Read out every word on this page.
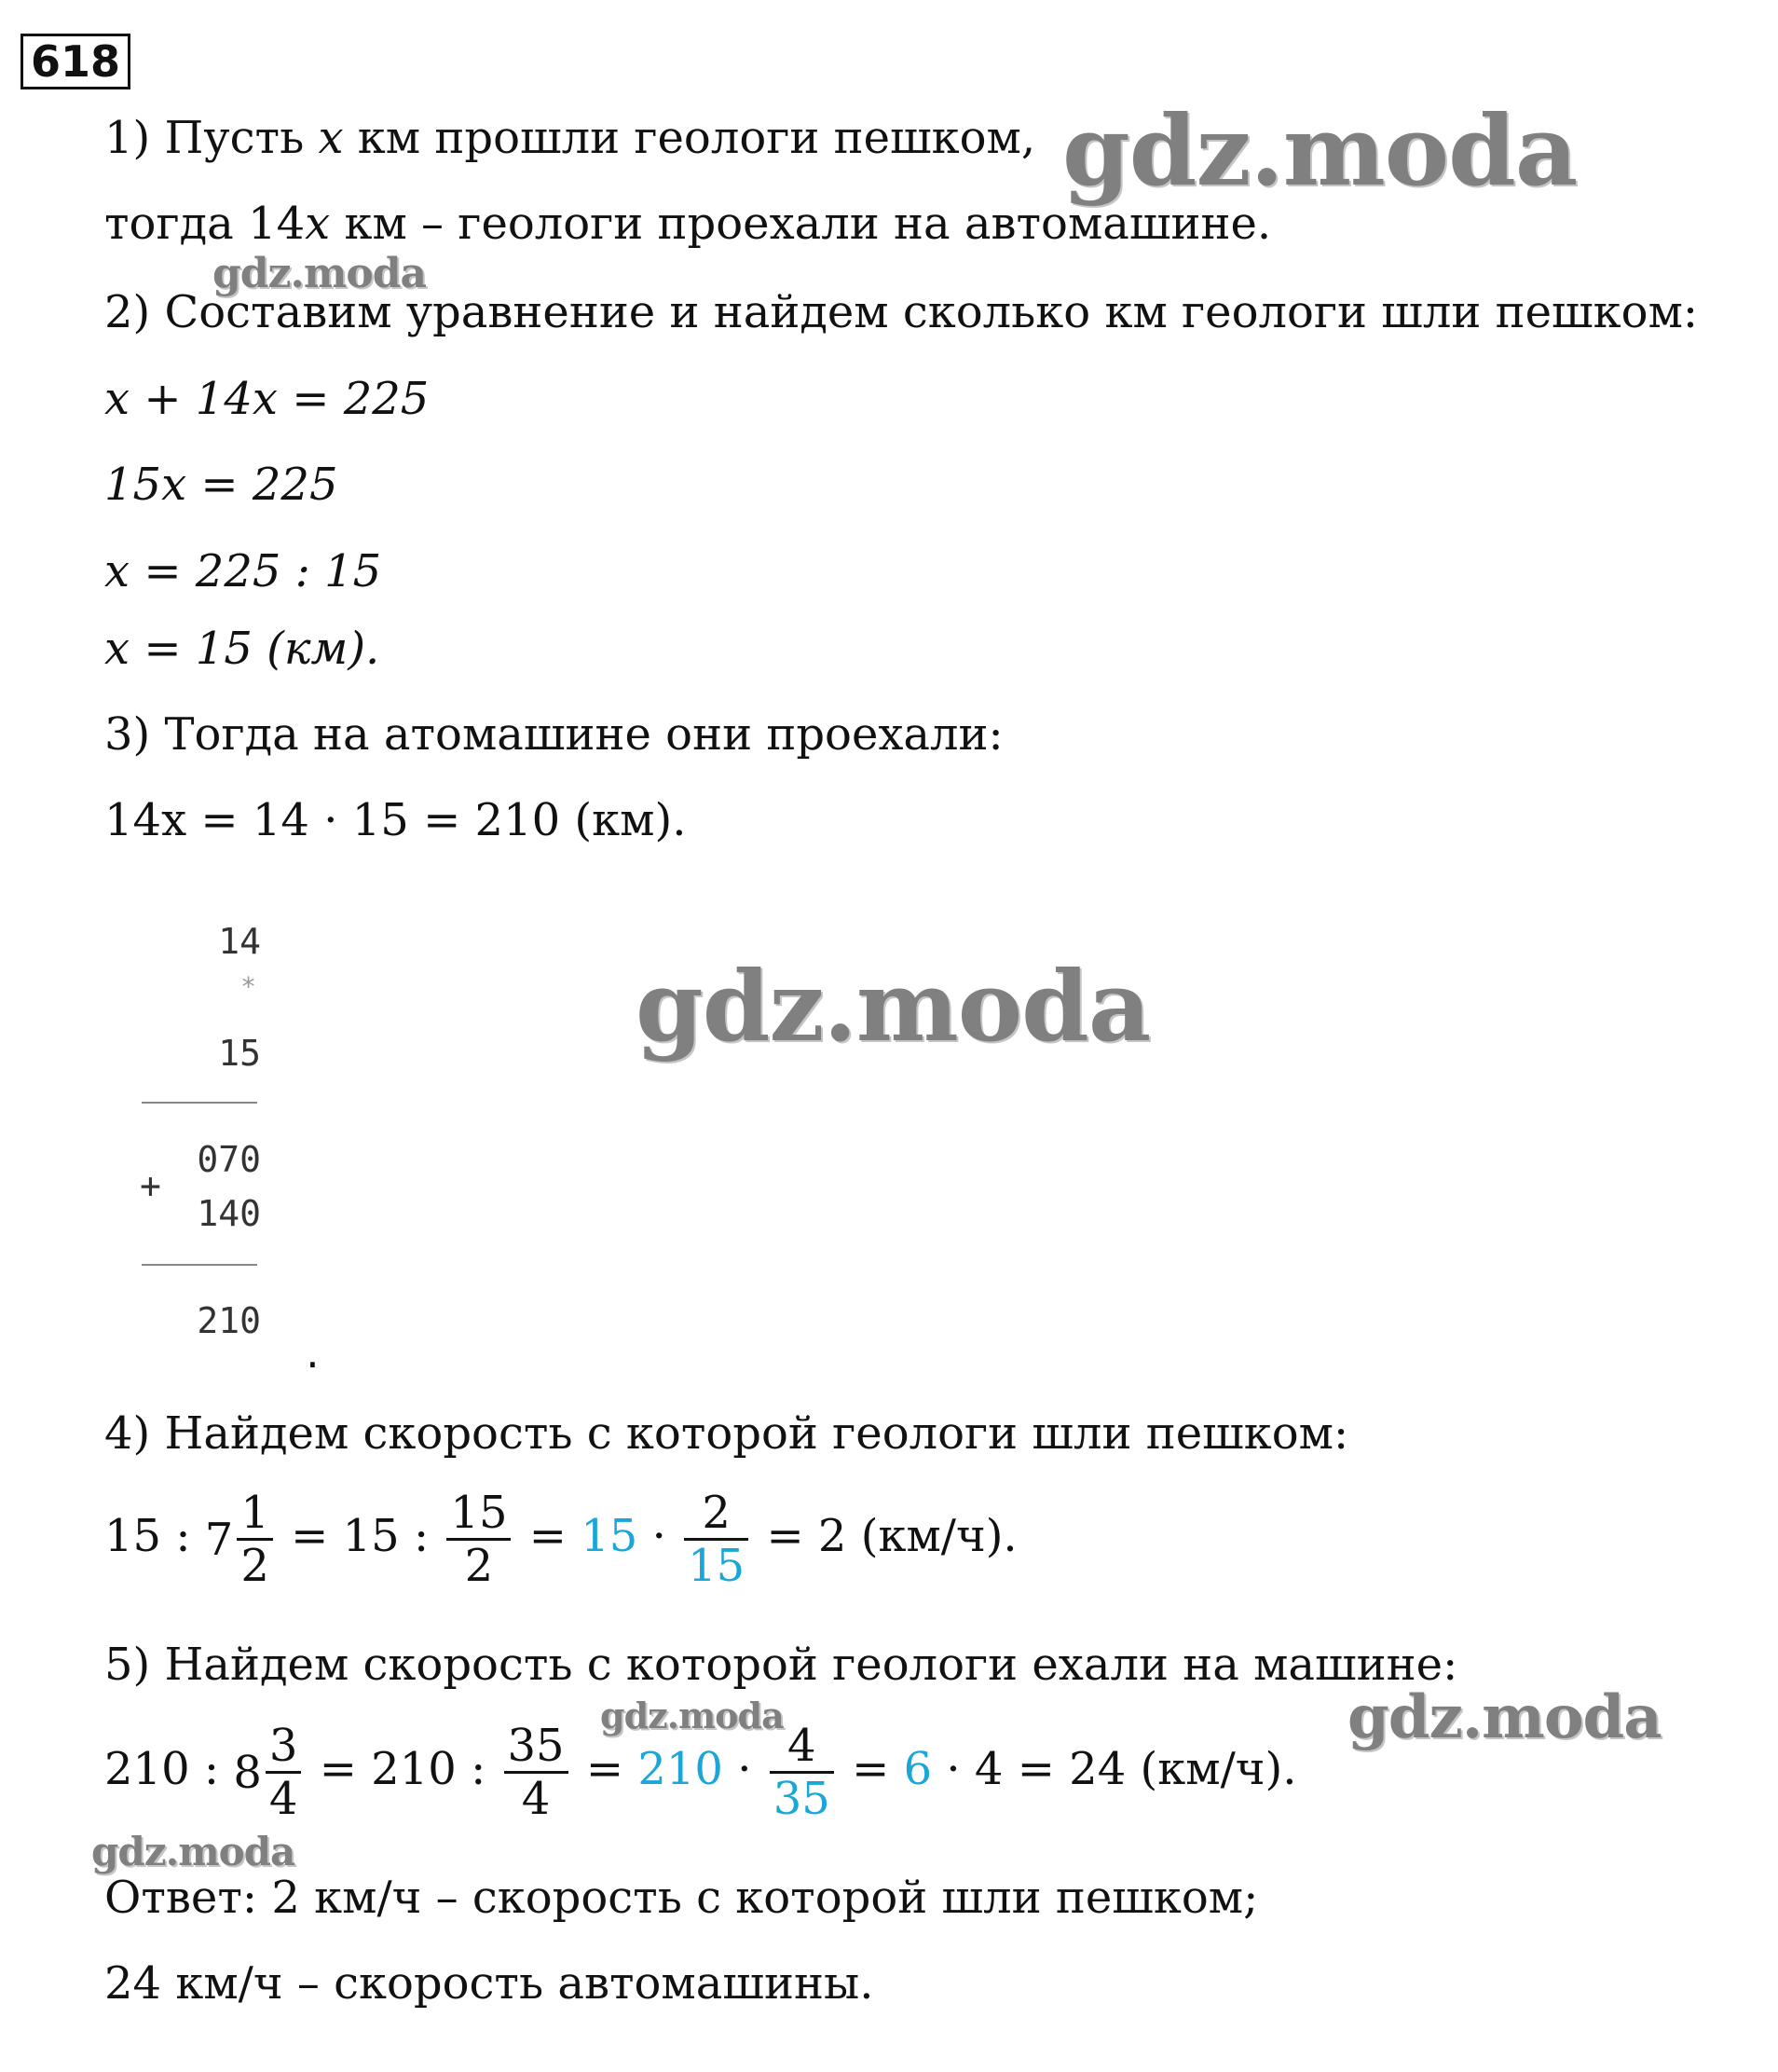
618
gdz.moda
gdz.moda
gdz.moda
gdz.moda	gdz.moda
gdz.moda
1) Пусть x км прошли геологи пешком,
тогда 14x км – геологи проехали на автомашине.
2) Составим уравнение и найдем сколько км геологи шли пешком:
x + 14x = 225
15x = 225
x = 225 : 15
x = 15 (км).
3) Тогда на атомашине они проехали:
14x = 14 · 15 = 210 (км).
14
*
15
070
+
140
210
.
4) Найдем скорость с которой геологи шли пешком:
15 : $7 \frac{1}{2} = 15$ : $\frac{15}{2} = 15 \cdot \frac{2}{15} = 2$ (км/ч).
5) Найдем скорость с которой геологи ехали на машине:
210 : $8 \frac{3}{4} = 210$ : $\frac{35}{4} = 210 \cdot \frac{4}{35} = 6 \cdot 4 = 24$ (км/ч).
Ответ: 2 км/ч – скорость с которой шли пешком;
24 км/ч – скорость автомашины.
